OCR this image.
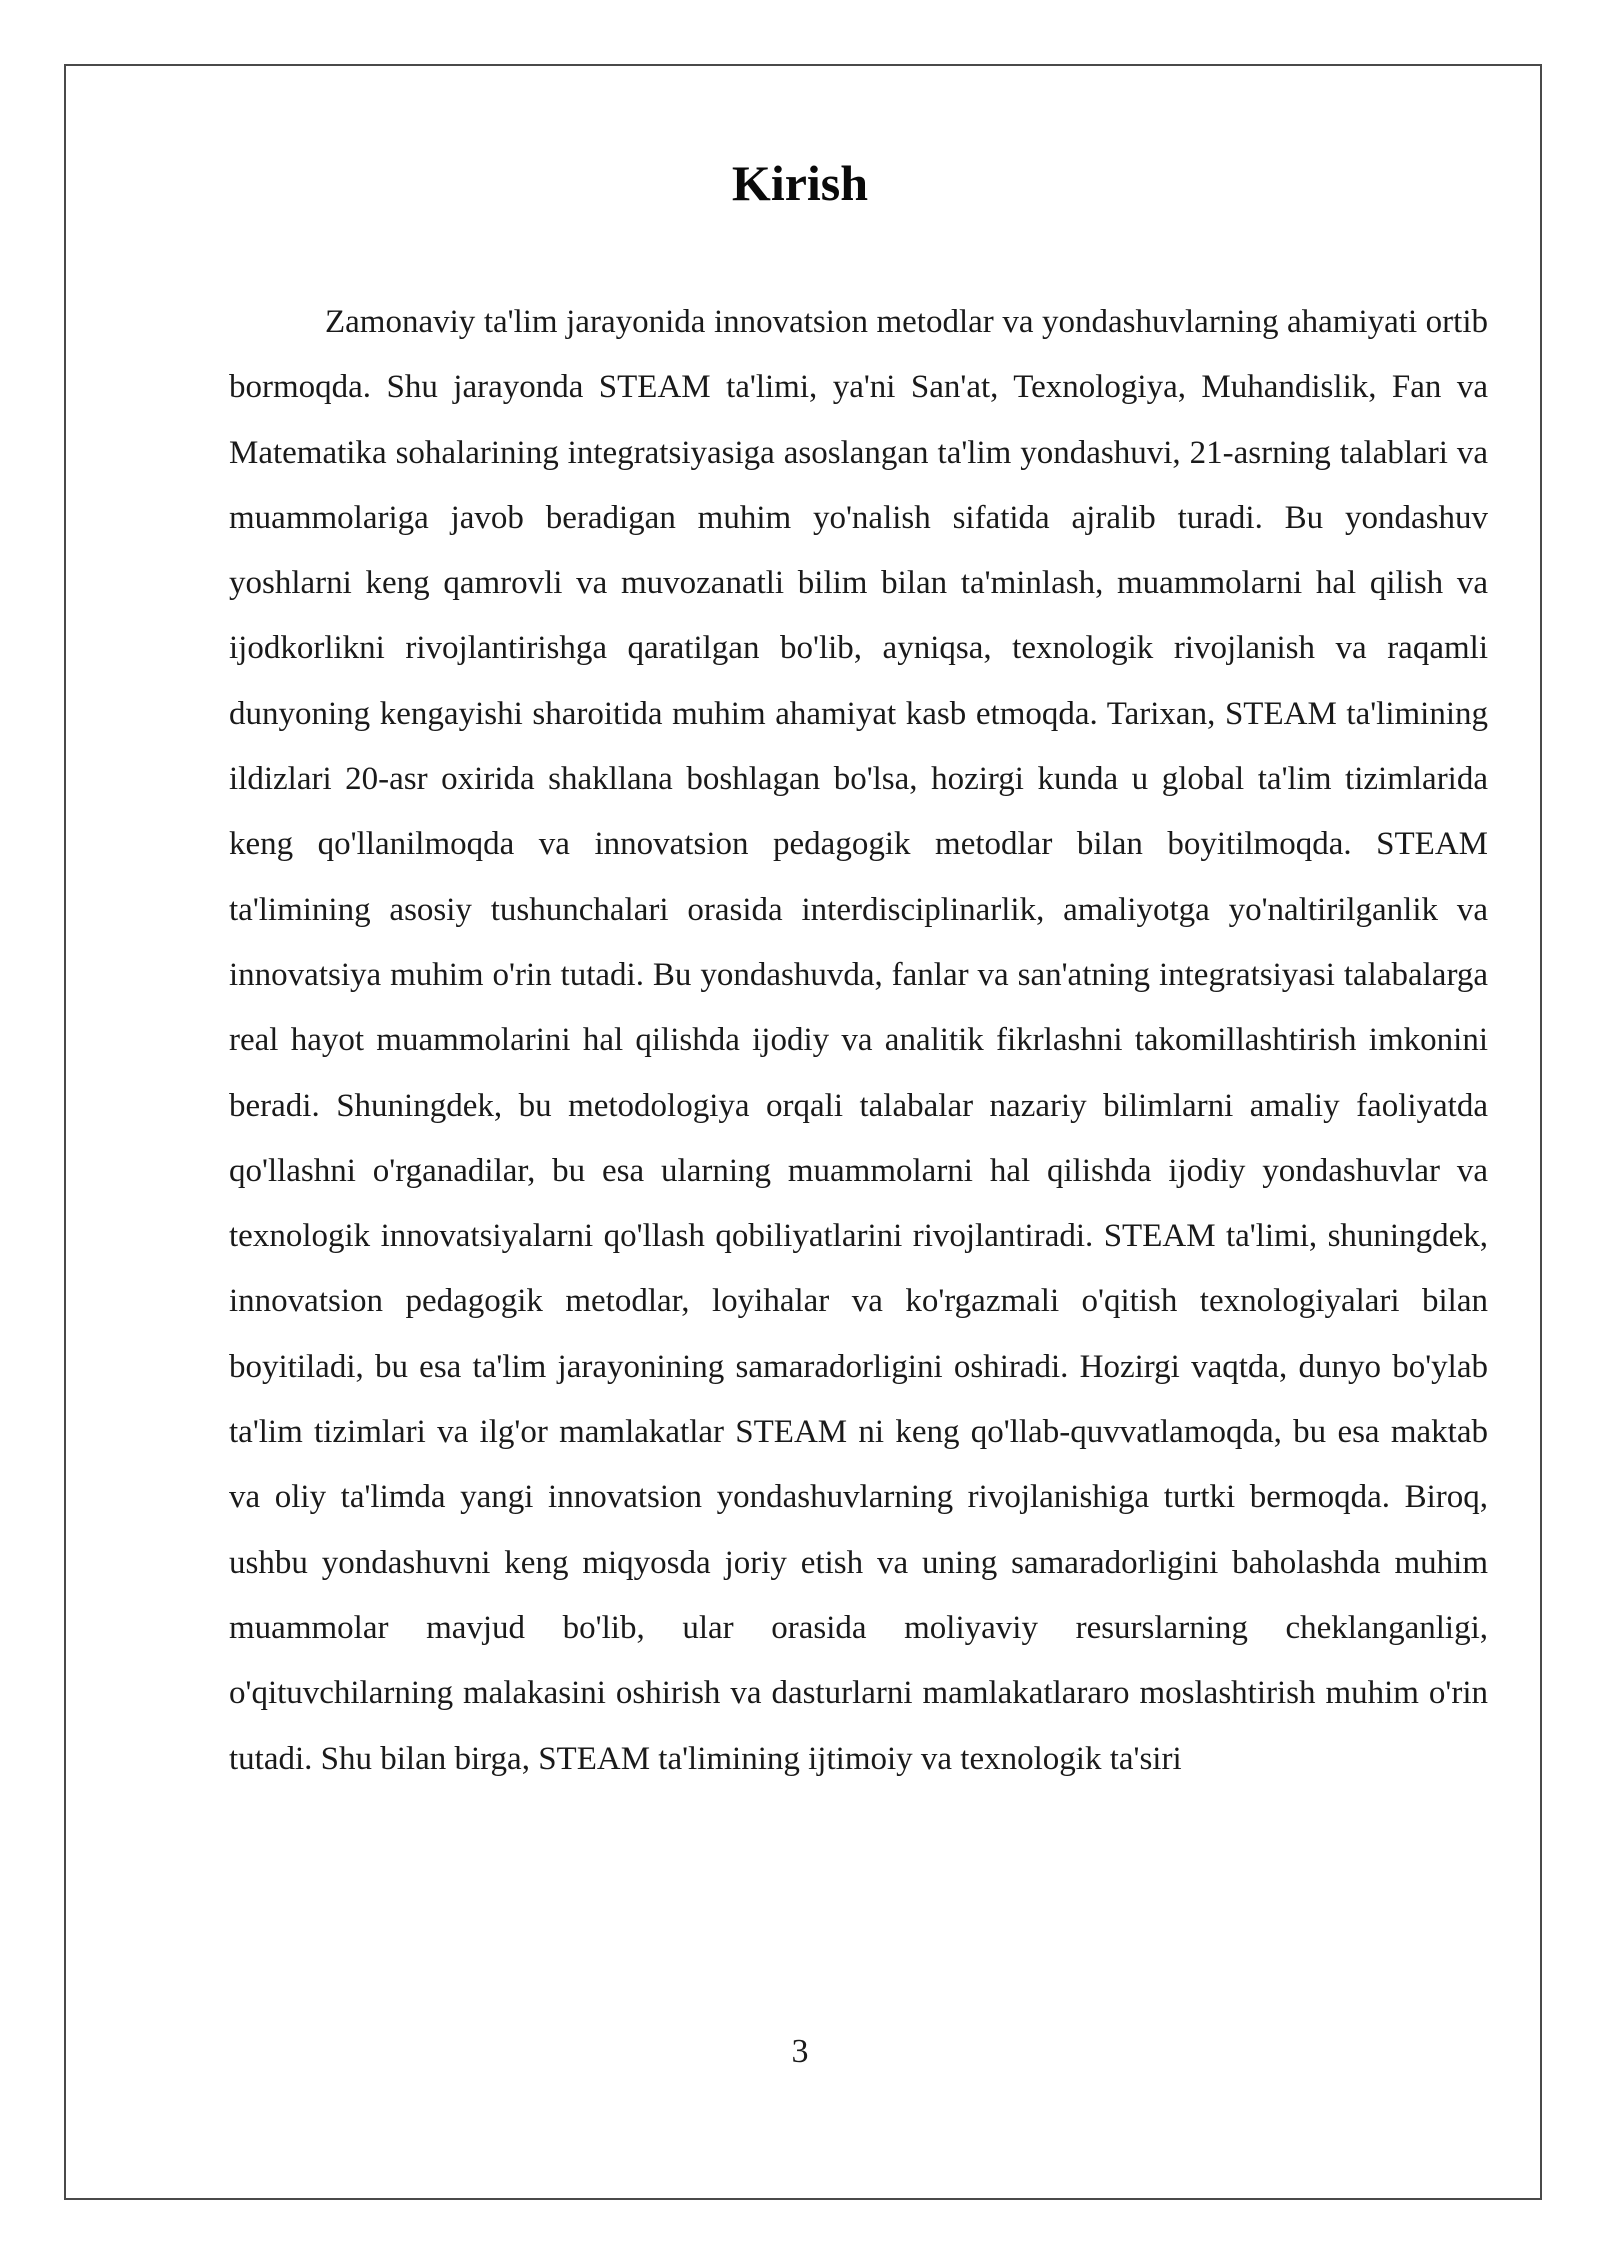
Kirish

Zamonaviy ta'lim jarayonida innovatsion metodlar va yondashuvlarning ahamiyati ortib bormoqda. Shu jarayonda STEAM ta'limi, ya'ni San'at, Texnologiya, Muhandislik, Fan va Matematika sohalarining integratsiyasiga asoslangan ta'lim yondashuvi, 21-asrning talablari va muammolariga javob beradigan muhim yo'nalish sifatida ajralib turadi. Bu yondashuv yoshlarni keng qamrovli va muvozanatli bilim bilan ta'minlash, muammolarni hal qilish va ijodkorlikni rivojlantirishga qaratilgan bo'lib, ayniqsa, texnologik rivojlanish va raqamli dunyoning kengayishi sharoitida muhim ahamiyat kasb etmoqda. Tarixan, STEAM ta'limining ildizlari 20-asr oxirida shakllana boshlagan bo'lsa, hozirgi kunda u global ta'lim tizimlarida keng qo'llanilmoqda va innovatsion pedagogik metodlar bilan boyitilmoqda. STEAM ta'limining asosiy tushunchalari orasida interdisciplinarlik, amaliyotga yo'naltirilganlik va innovatsiya muhim o'rin tutadi. Bu yondashuvda, fanlar va san'atning integratsiyasi talabalarga real hayot muammolarini hal qilishda ijodiy va analitik fikrlashni takomillashtirish imkonini beradi. Shuningdek, bu metodologiya orqali talabalar nazariy bilimlarni amaliy faoliyatda qo'llashni o'rganadilar, bu esa ularning muammolarni hal qilishda ijodiy yondashuvlar va texnologik innovatsiyalarni qo'llash qobiliyatlarini rivojlantiradi. STEAM ta'limi, shuningdek, innovatsion pedagogik metodlar, loyihalar va ko'rgazmali o'qitish texnologiyalari bilan boyitiladi, bu esa ta'lim jarayonining samaradorligini oshiradi. Hozirgi vaqtda, dunyo bo'ylab ta'lim tizimlari va ilg'or mamlakatlar STEAM ni keng qo'llab-quvvatlamoqda, bu esa maktab va oliy ta'limda yangi innovatsion yondashuvlarning rivojlanishiga turtki bermoqda. Biroq, ushbu yondashuvni keng miqyosda joriy etish va uning samaradorligini baholashda muhim muammolar mavjud bo'lib, ular orasida moliyaviy resurslarning cheklanganligi, o'qituvchilarning malakasini oshirish va dasturlarni mamlakatlararo moslashtirish muhim o'rin tutadi. Shu bilan birga, STEAM ta'limining ijtimoiy va texnologik ta'siri

3
